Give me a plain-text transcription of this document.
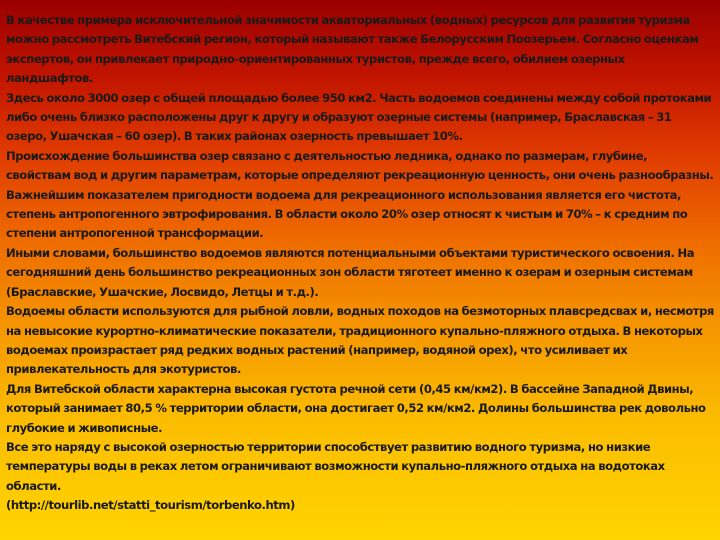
В качестве примера исключительной значимости акваториальных (водных) ресурсов для развития туризма можно рассмотреть Витебский регион, который называют также Белорусским Поозерьем. Согласно оценкам экспертов, он привлекает природно-ориентированных туристов, прежде всего, обилием озерных ландшафтов.

Здесь около 3000 озер с общей площадью более 950 км2. Часть водоемов соединены между собой протоками либо очень близко расположены друг к другу и образуют озерные системы (например, Браславская – 31 озеро, Ушачская – 60 озер). В таких районах озерность превышает 10%.

Происхождение большинства озер связано с деятельностью ледника, однако по размерам, глубине, свойствам вод и другим параметрам, которые определяют рекреационную ценность, они очень разнообразны.

Важнейшим показателем пригодности водоема для рекреационного использования является его чистота, степень антропогенного эвтрофирования. В области около 20% озер относят к чистым и 70% – к средним по степени антропогенной трансформации.

Иными словами, большинство водоемов являются потенциальными объектами туристического освоения. На сегодняшний день большинство рекреационных зон области тяготеет именно к озерам и озерным системам (Браславские, Ушачские, Лосвидо, Летцы и т.д.).

Водоемы области используются для рыбной ловли, водных походов на безмоторных плавсредсвах и, несмотря на невысокие курортно-климатические показатели, традиционного купально-пляжного отдыха. В некоторых водоемах произрастает ряд редких водных растений (например, водяной орех), что усиливает их привлекательность для экотуристов.

Для Витебской области характерна высокая густота речной сети (0,45 км/км2). В бассейне Западной Двины, который занимает 80,5 % территории области, она достигает 0,52 км/км2. Долины большинства рек довольно глубокие и живописные.

Все это наряду с высокой озерностью территории способствует развитию водного туризма, но низкие температуры воды в реках летом ограничивают возможности купально-пляжного отдыха на водотоках области.

(http://tourlib.net/statti_tourism/torbenko.htm)
